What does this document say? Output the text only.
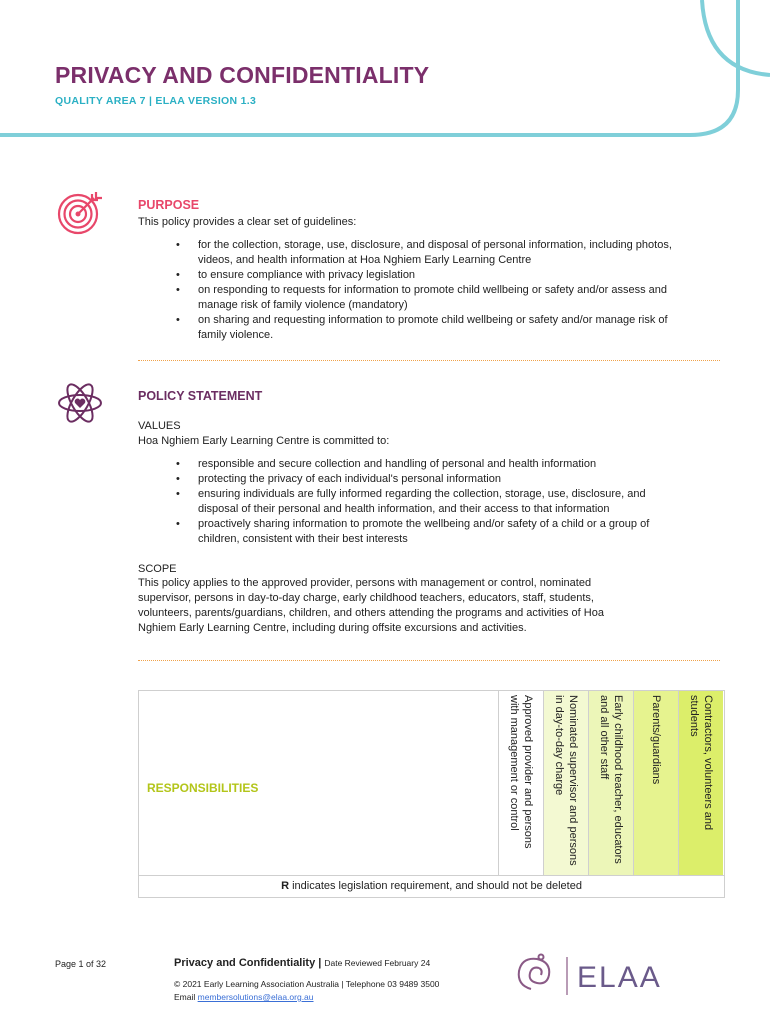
PRIVACY AND CONFIDENTIALITY
QUALITY AREA 7 | ELAA VERSION 1.3
PURPOSE
This policy provides a clear set of guidelines:
• for the collection, storage, use, disclosure, and disposal of personal information, including photos, videos, and health information at Hoa Nghiem Early Learning Centre
• to ensure compliance with privacy legislation
• on responding to requests for information to promote child wellbeing or safety and/or assess and manage risk of family violence (mandatory)
• on sharing and requesting information to promote child wellbeing or safety and/or manage risk of family violence.
POLICY STATEMENT
VALUES
Hoa Nghiem Early Learning Centre is committed to:
• responsible and secure collection and handling of personal and health information
• protecting the privacy of each individual's personal information
• ensuring individuals are fully informed regarding the collection, storage, use, disclosure, and disposal of their personal and health information, and their access to that information
• proactively sharing information to promote the wellbeing and/or safety of a child or a group of children, consistent with their best interests
SCOPE
This policy applies to the approved provider, persons with management or control, nominated supervisor, persons in day-to-day charge, early childhood teachers, educators, staff, students, volunteers, parents/guardians, children, and others attending the programs and activities of Hoa Nghiem Early Learning Centre, including during offsite excursions and activities.
RESPONSIBILITIES	Approved provider and persons with management or control	Nominated supervisor and persons in day-to-day charge	Early childhood teacher, educators and all other staff	Parents/guardians	Contractors, volunteers and students
R indicates legislation requirement, and should not be deleted
Page 1 of 32	Privacy and Confidentiality | Date Reviewed February 24
© 2021 Early Learning Association Australia | Telephone 03 9489 3500
Email membersolutions@elaa.org.au
ELAA
